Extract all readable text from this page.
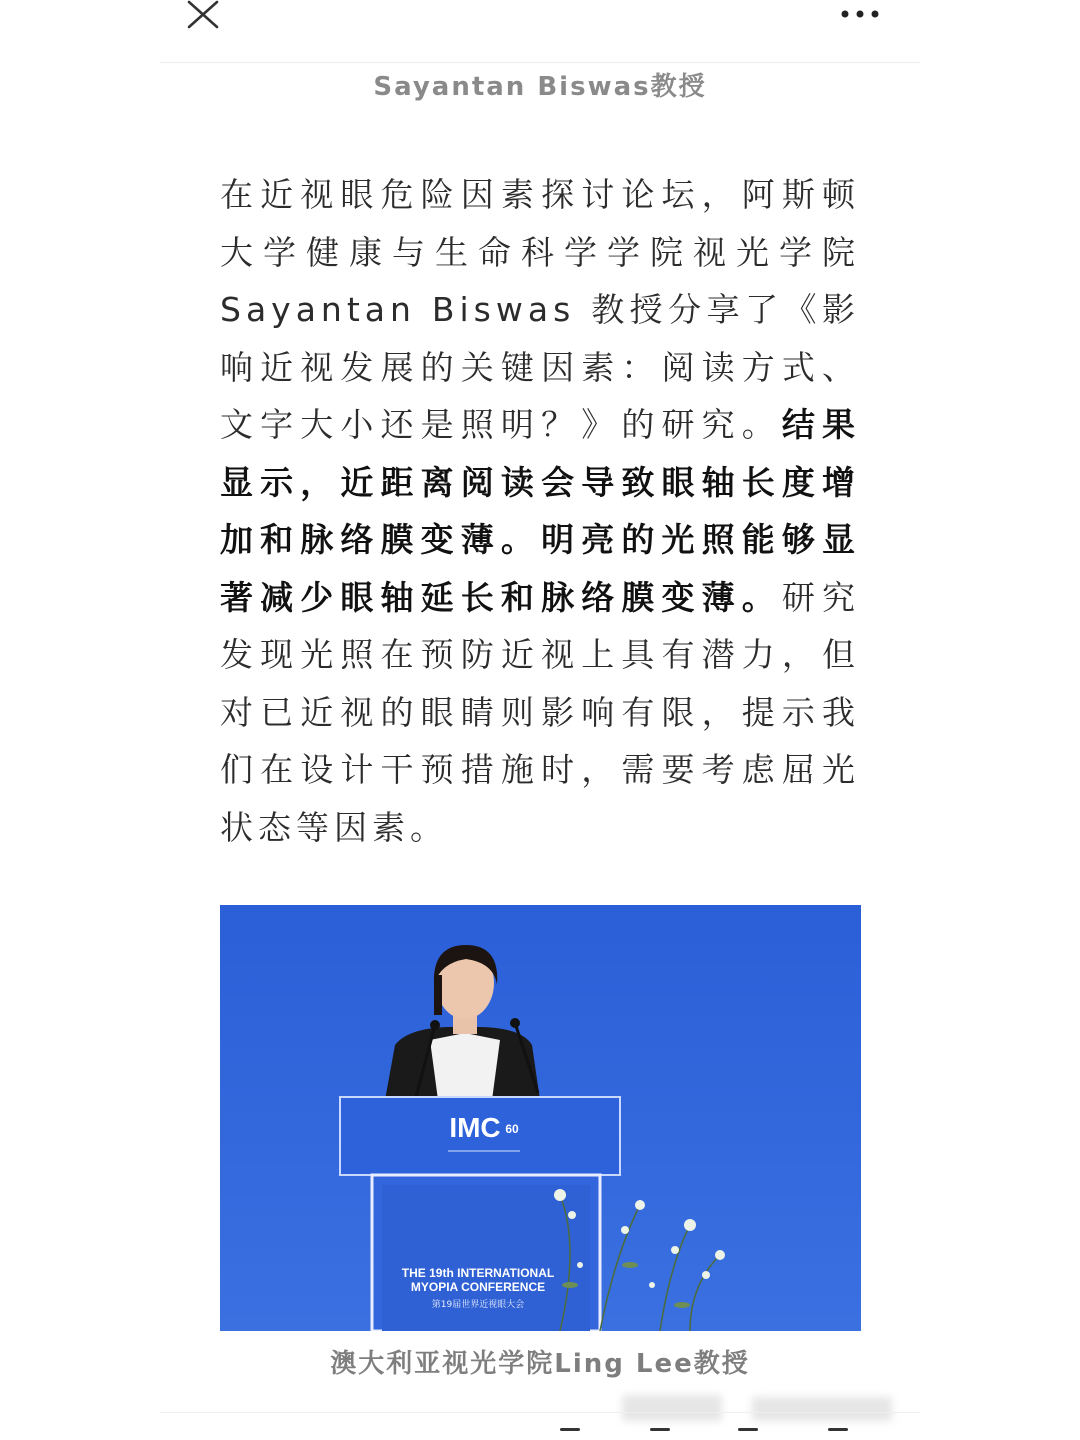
Sayantan Biswas教授
在近视眼危险因素探讨论坛，阿斯顿大学健康与生命科学学院视光学院Sayantan Biswas 教授分享了《影响近视发展的关键因素：阅读方式、文字大小还是照明？》的研究。结果显示，近距离阅读会导致眼轴长度增加和脉络膜变薄。明亮的光照能够显著减少眼轴延长和脉络膜变薄。研究发现光照在预防近视上具有潜力，但对已近视的眼睛则影响有限，提示我们在设计干预措施时，需要考虑屈光状态等因素。
IMC 60
THE 19th INTERNATIONAL
MYOPIA CONFERENCE
第19届世界近视眼大会
澳大利亚视光学院Ling Lee教授
